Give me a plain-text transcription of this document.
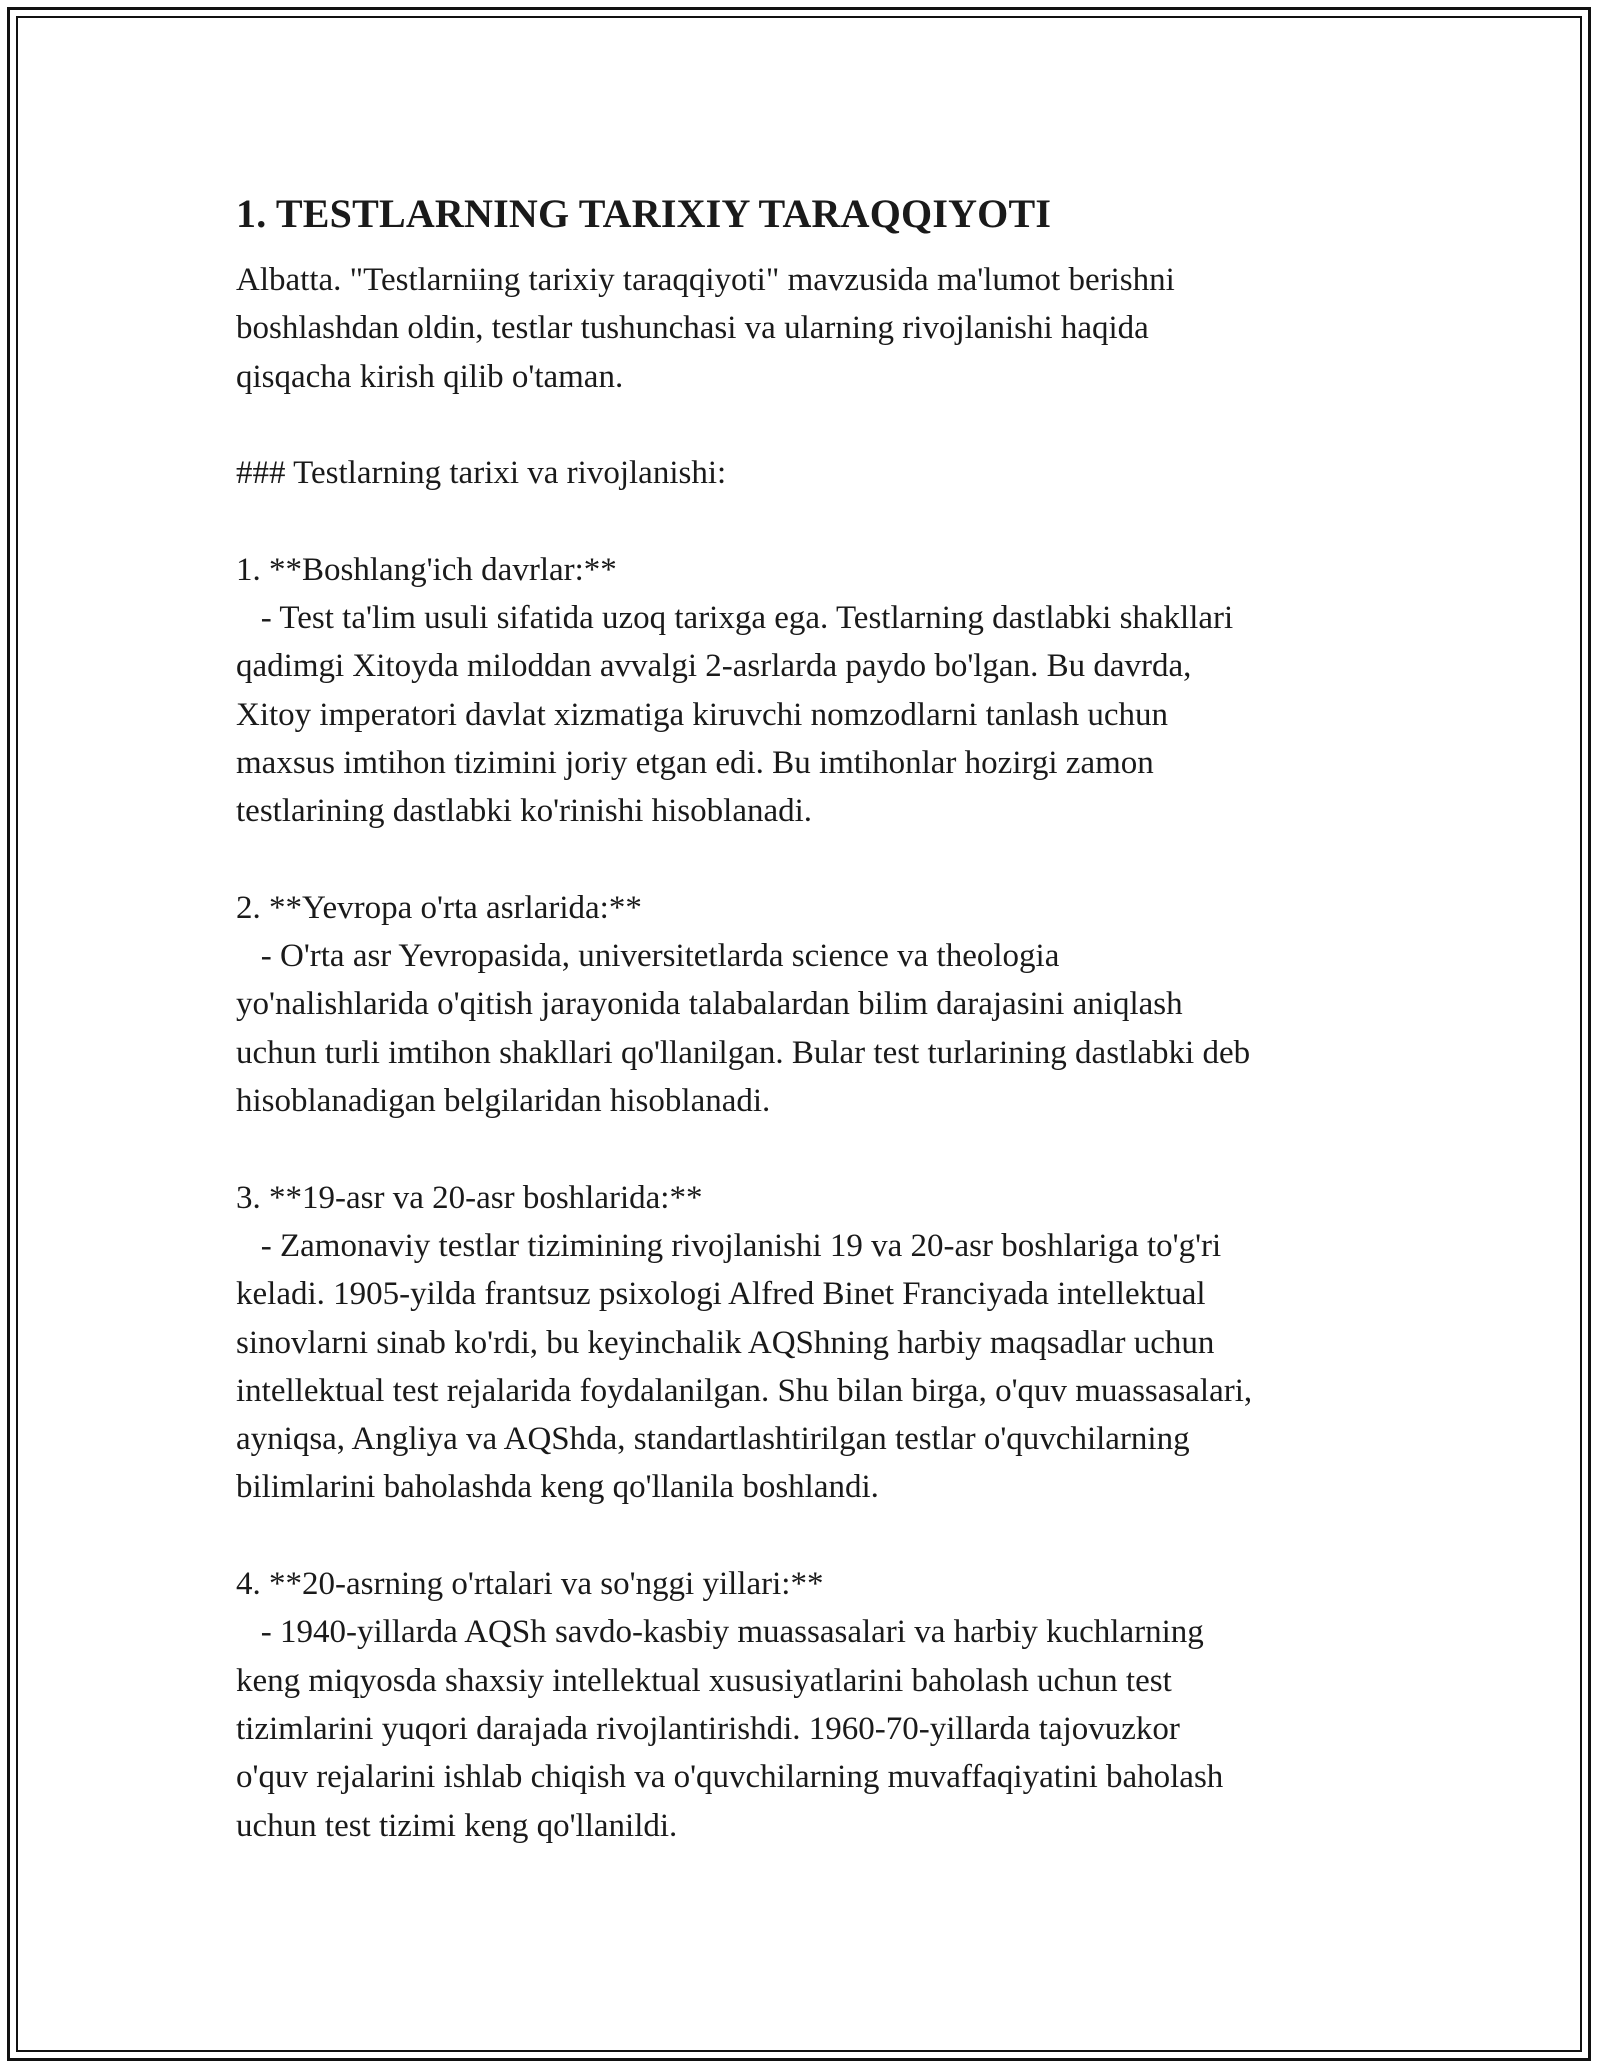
1. TESTLARNING TARIXIY TARAQQIYOTI
Albatta. "Testlarniing tarixiy taraqqiyoti" mavzusida ma'lumot berishni
boshlashdan oldin, testlar tushunchasi va ularning rivojlanishi haqida
qisqacha kirish qilib o'taman.
### Testlarning tarixi va rivojlanishi:
1. **Boshlang'ich davrlar:**
- Test ta'lim usuli sifatida uzoq tarixga ega. Testlarning dastlabki shakllari
qadimgi Xitoyda miloddan avvalgi 2-asrlarda paydo bo'lgan. Bu davrda,
Xitoy imperatori davlat xizmatiga kiruvchi nomzodlarni tanlash uchun
maxsus imtihon tizimini joriy etgan edi. Bu imtihonlar hozirgi zamon
testlarining dastlabki ko'rinishi hisoblanadi.
2. **Yevropa o'rta asrlarida:**
- O'rta asr Yevropasida, universitetlarda science va theologia
yo'nalishlarida o'qitish jarayonida talabalardan bilim darajasini aniqlash
uchun turli imtihon shakllari qo'llanilgan. Bular test turlarining dastlabki deb
hisoblanadigan belgilaridan hisoblanadi.
3. **19-asr va 20-asr boshlarida:**
- Zamonaviy testlar tizimining rivojlanishi 19 va 20-asr boshlariga to'g'ri
keladi. 1905-yilda frantsuz psixologi Alfred Binet Franciyada intellektual
sinovlarni sinab ko'rdi, bu keyinchalik AQShning harbiy maqsadlar uchun
intellektual test rejalarida foydalanilgan. Shu bilan birga, o'quv muassasalari,
ayniqsa, Angliya va AQShda, standartlashtirilgan testlar o'quvchilarning
bilimlarini baholashda keng qo'llanila boshlandi.
4. **20-asrning o'rtalari va so'nggi yillari:**
- 1940-yillarda AQSh savdo-kasbiy muassasalari va harbiy kuchlarning
keng miqyosda shaxsiy intellektual xususiyatlarini baholash uchun test
tizimlarini yuqori darajada rivojlantirishdi. 1960-70-yillarda tajovuzkor
o'quv rejalarini ishlab chiqish va o'quvchilarning muvaffaqiyatini baholash
uchun test tizimi keng qo'llanildi.
